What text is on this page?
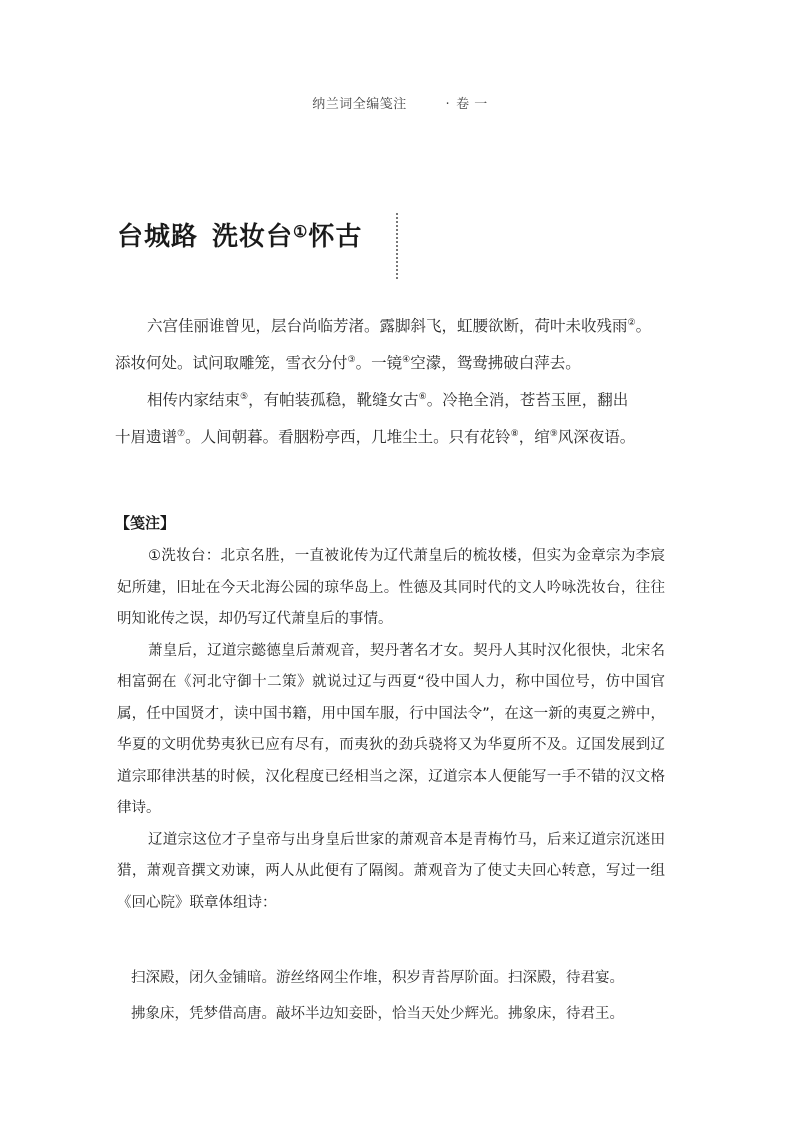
纳兰词全编笺注	· 卷 一
台城路 洗妆台①怀古
六宫佳丽谁曾见，层台尚临芳渚。露脚斜飞，虹腰欲断，荷叶未收残雨②。
添妆何处。试问取雕笼，雪衣分付③。一镜④空濛，鸳鸯拂破白萍去。
相传内家结束⑤，有帕装孤稳，靴缝女古⑥。冷艳全消，苍苔玉匣，翻出
十眉遗谱⑦。人间朝暮。看胭粉亭西，几堆尘土。只有花铃⑧，绾⑨风深夜语。
【笺注】

①洗妆台：北京名胜，一直被讹传为辽代萧皇后的梳妆楼，但实为金章宗为李宸妃所建，旧址在今天北海公园的琼华岛上。性德及其同时代的文人吟咏洗妆台，往往明知讹传之误，却仍写辽代萧皇后的事情。

萧皇后，辽道宗懿德皇后萧观音，契丹著名才女。契丹人其时汉化很快，北宋名相富弼在《河北守御十二策》就说过辽与西夏“役中国人力，称中国位号，仿中国官属，任中国贤才，读中国书籍，用中国车服，行中国法令”，在这一新的夷夏之辨中，华夏的文明优势夷狄已应有尽有，而夷狄的劲兵骁将又为华夏所不及。辽国发展到辽道宗耶律洪基的时候，汉化程度已经相当之深，辽道宗本人便能写一手不错的汉文格律诗。

辽道宗这位才子皇帝与出身皇后世家的萧观音本是青梅竹马，后来辽道宗沉迷田猎，萧观音撰文劝谏，两人从此便有了隔阂。萧观音为了使丈夫回心转意，写过一组《回心院》联章体组诗：

扫深殿，闭久金铺暗。游丝络网尘作堆，积岁青苔厚阶面。扫深殿，待君宴。
拂象床，凭梦借高唐。敲坏半边知妾卧，恰当天处少辉光。拂象床，待君王。
